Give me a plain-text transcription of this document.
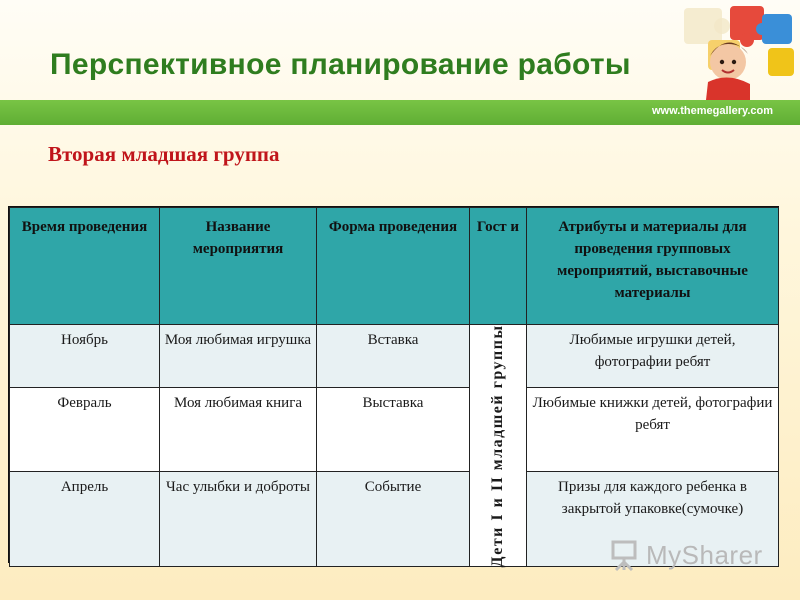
Перспективное планирование работы
www.themegallery.com
Вторая младшая группа
Время проведения	Название мероприятия	Форма проведения	Гост и	Атрибуты и материалы для проведения групповых мероприятий, выставочные материалы
Ноябрь	Моя любимая игрушка	Вставка	Дети I и II младшей группы	Любимые игрушки детей, фотографии ребят
Февраль	Моя любимая книга	Выставка		Любимые книжки детей, фотографии ребят
Апрель	Час улыбки и доброты	Событие		Призы для каждого ребенка в закрытой упаковке(сумочке)
MySharer
